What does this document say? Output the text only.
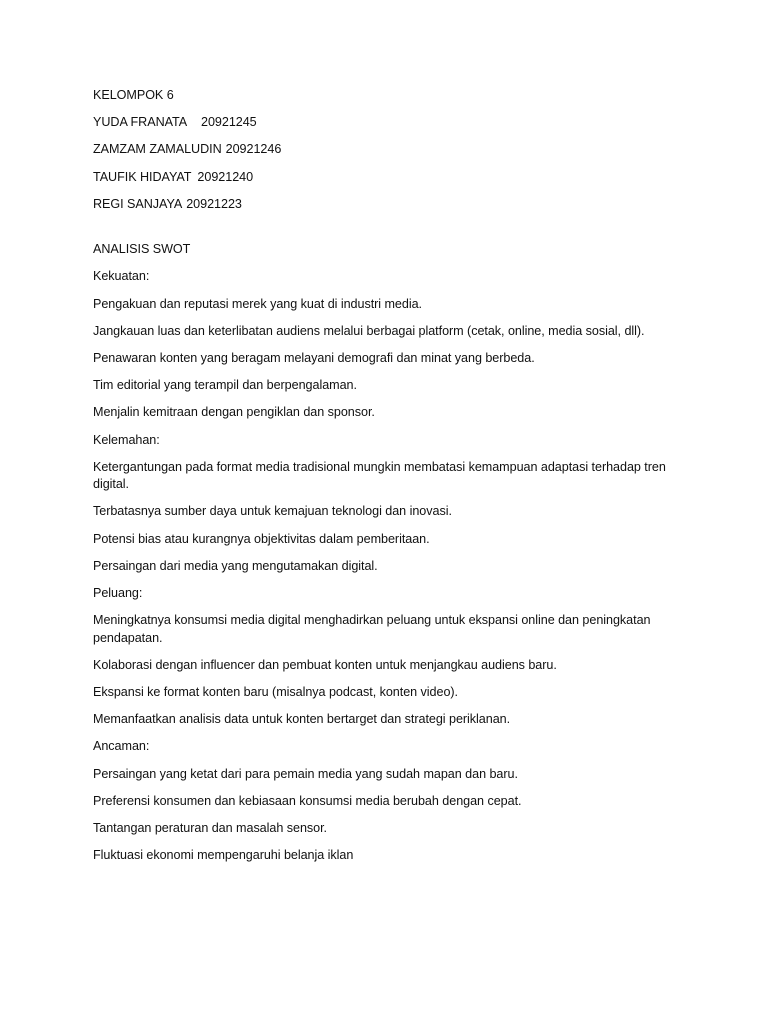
KELOMPOK 6
YUDA FRANATA 20921245
ZAMZAM ZAMALUDIN 20921246
TAUFIK HIDAYAT 20921240
REGI SANJAYA 20921223
ANALISIS SWOT
Kekuatan:
Pengakuan dan reputasi merek yang kuat di industri media.
Jangkauan luas dan keterlibatan audiens melalui berbagai platform (cetak, online, media sosial, dll).
Penawaran konten yang beragam melayani demografi dan minat yang berbeda.
Tim editorial yang terampil dan berpengalaman.
Menjalin kemitraan dengan pengiklan dan sponsor.
Kelemahan:
Ketergantungan pada format media tradisional mungkin membatasi kemampuan adaptasi terhadap tren digital.
Terbatasnya sumber daya untuk kemajuan teknologi dan inovasi.
Potensi bias atau kurangnya objektivitas dalam pemberitaan.
Persaingan dari media yang mengutamakan digital.
Peluang:
Meningkatnya konsumsi media digital menghadirkan peluang untuk ekspansi online dan peningkatan pendapatan.
Kolaborasi dengan influencer dan pembuat konten untuk menjangkau audiens baru.
Ekspansi ke format konten baru (misalnya podcast, konten video).
Memanfaatkan analisis data untuk konten bertarget dan strategi periklanan.
Ancaman:
Persaingan yang ketat dari para pemain media yang sudah mapan dan baru.
Preferensi konsumen dan kebiasaan konsumsi media berubah dengan cepat.
Tantangan peraturan dan masalah sensor.
Fluktuasi ekonomi mempengaruhi belanja iklan
